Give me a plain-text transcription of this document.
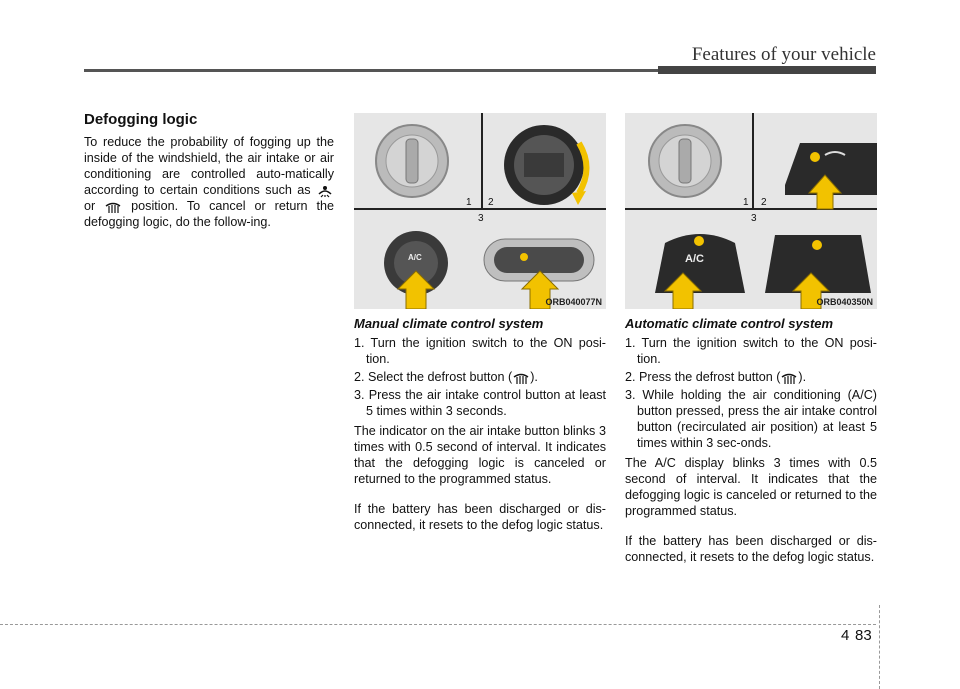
Features of your vehicle
Defogging logic

To reduce the probability of fogging up the inside of the windshield, the air intake or air conditioning are controlled auto-matically according to certain conditions such as  or	position. To cancel or return the defogging logic, do the follow-ing.

1 2
3
A/C
ORB040077N
1 2
3
A/C
ORB040350N
Manual climate control system
1. Turn the ignition switch to the ON posi-tion.
2. Select the defrost button ( ).
3. Press the air intake control button at least 5 times within 3 seconds.

The indicator on the air intake button blinks 3 times with 0.5 second of interval. It indicates that the defogging logic is canceled or returned to the programmed status.

If the battery has been discharged or dis-connected, it resets to the defog logic status.

Automatic climate control system
1. Turn the ignition switch to the ON posi-tion.
2. Press the defrost button ( ).
3. While holding the air conditioning (A/C) button pressed, press the air intake control button (recirculated air position) at least 5 times within 3 sec-onds.

The A/C display blinks 3 times with 0.5 second of interval. It indicates that the defogging logic is canceled or returned to the programmed status.

If the battery has been discharged or dis-connected, it resets to the defog logic status.

4 83
